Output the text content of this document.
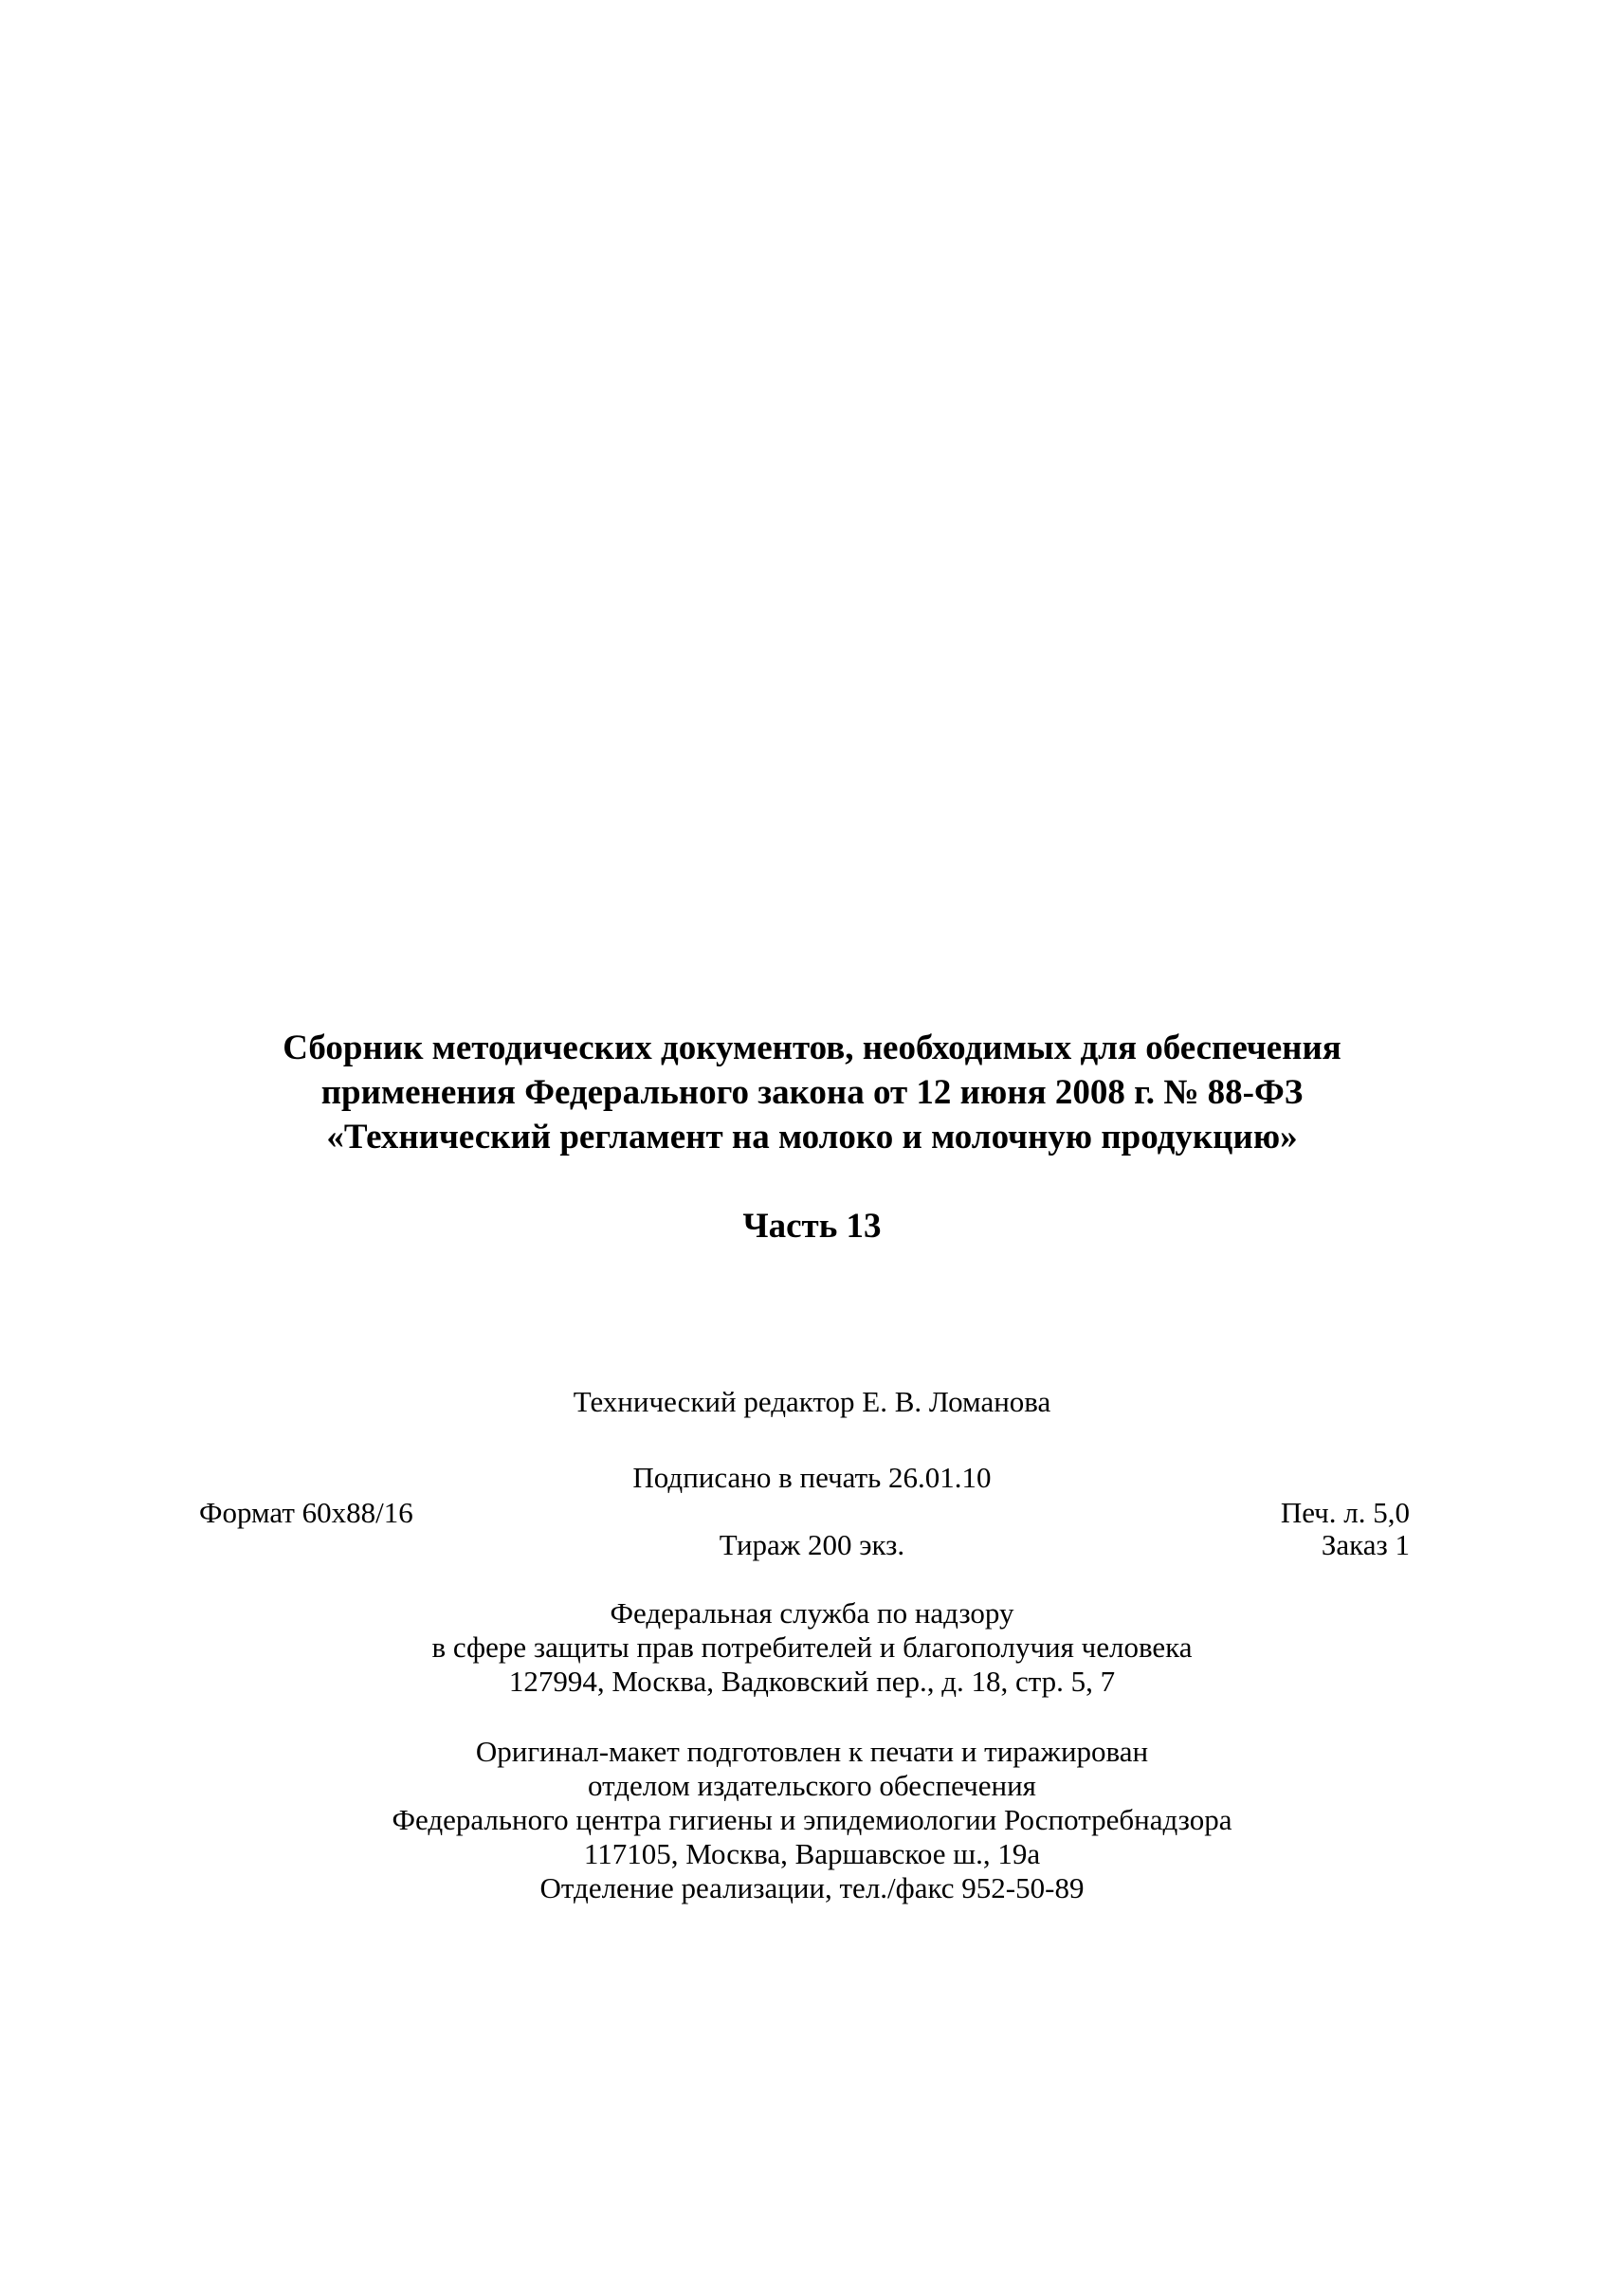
Сборник методических документов, необходимых для обеспечения
применения Федерального закона от 12 июня 2008 г. № 88-ФЗ
«Технический регламент на молоко и молочную продукцию»
Часть 13
Технический редактор Е. В. Ломанова
Подписано в печать 26.01.10
Формат 60x88/16	Печ. л. 5,0
Тираж 200 экз.	Заказ 1
Федеральная служба по надзору
в сфере защиты прав потребителей и благополучия человека
127994, Москва, Вадковский пер., д. 18, стр. 5, 7
Оригинал-макет подготовлен к печати и тиражирован
отделом издательского обеспечения
Федерального центра гигиены и эпидемиологии Роспотребнадзора
117105, Москва, Варшавское ш., 19а
Отделение реализации, тел./факс 952-50-89
